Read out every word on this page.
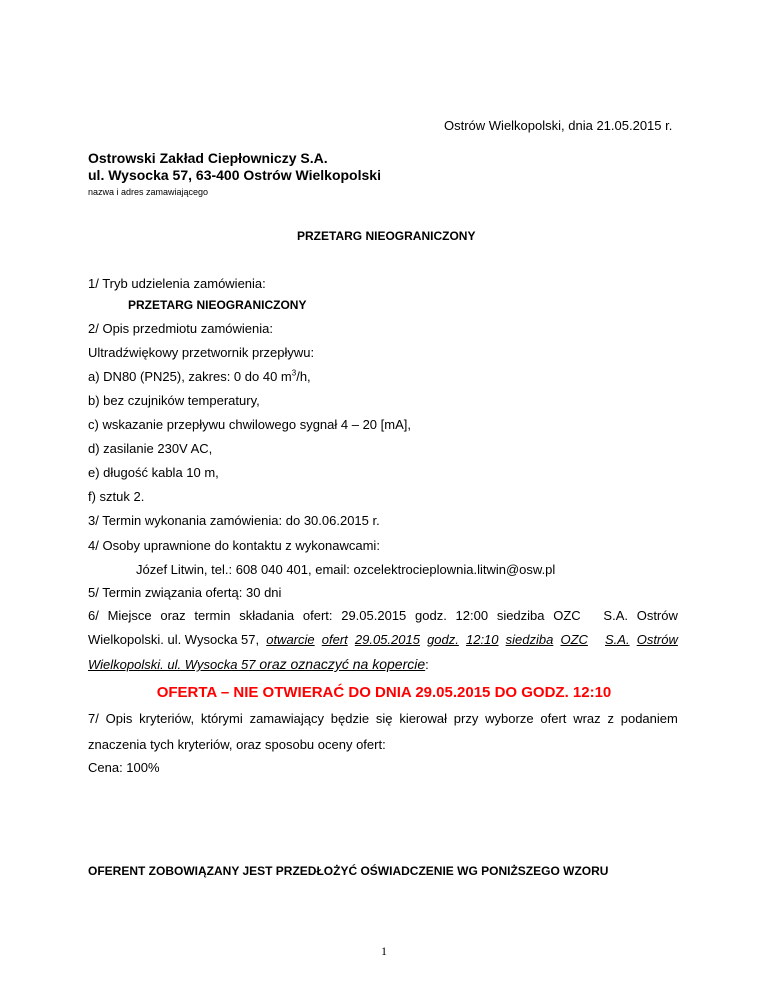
Ostrów Wielkopolski, dnia 21.05.2015 r.
Ostrowski Zakład Ciepłowniczy S.A.
ul. Wysocka 57, 63-400 Ostrów Wielkopolski
nazwa i adres zamawiającego
PRZETARG NIEOGRANICZONY
1/ Tryb udzielenia zamówienia:
PRZETARG NIEOGRANICZONY
2/ Opis przedmiotu zamówienia:
Ultradźwiękowy przetwornik przepływu:
a) DN80 (PN25), zakres: 0 do 40 $m^3/h$,
b) bez czujników temperatury,
c) wskazanie przepływu chwilowego sygnał 4 – 20 [mA],
d) zasilanie 230V AC,
e) długość kabla 10 m,
f) sztuk 2.
3/ Termin wykonania zamówienia: do 30.06.2015 r.
4/ Osoby uprawnione do kontaktu z wykonawcami:
Józef Litwin, tel.: 608 040 401, email: ozcelektrocieplownia.litwin@osw.pl
5/ Termin związania ofertą: 30 dni
6/ Miejsce oraz termin składania ofert: 29.05.2015 godz. 12:00 siedziba OZC S.A. Ostrów
Wielkopolski. ul. Wysocka 57, otwarcie ofert 29.05.2015 godz. 12:10 siedziba OZC S.A. Ostrów
Wielkopolski. ul. Wysocka 57 oraz oznaczyć na kopercie:
OFERTA – NIE OTWIERAĆ DO DNIA 29.05.2015 DO GODZ. 12:10
7/ Opis kryteriów, którymi zamawiający będzie się kierował przy wyborze ofert wraz z podaniem
znaczenia tych kryteriów, oraz sposobu oceny ofert:
Cena: 100%
OFERENT ZOBOWIĄZANY JEST PRZEDŁOŻYĆ OŚWIADCZENIE WG PONIŻSZEGO WZORU
1
